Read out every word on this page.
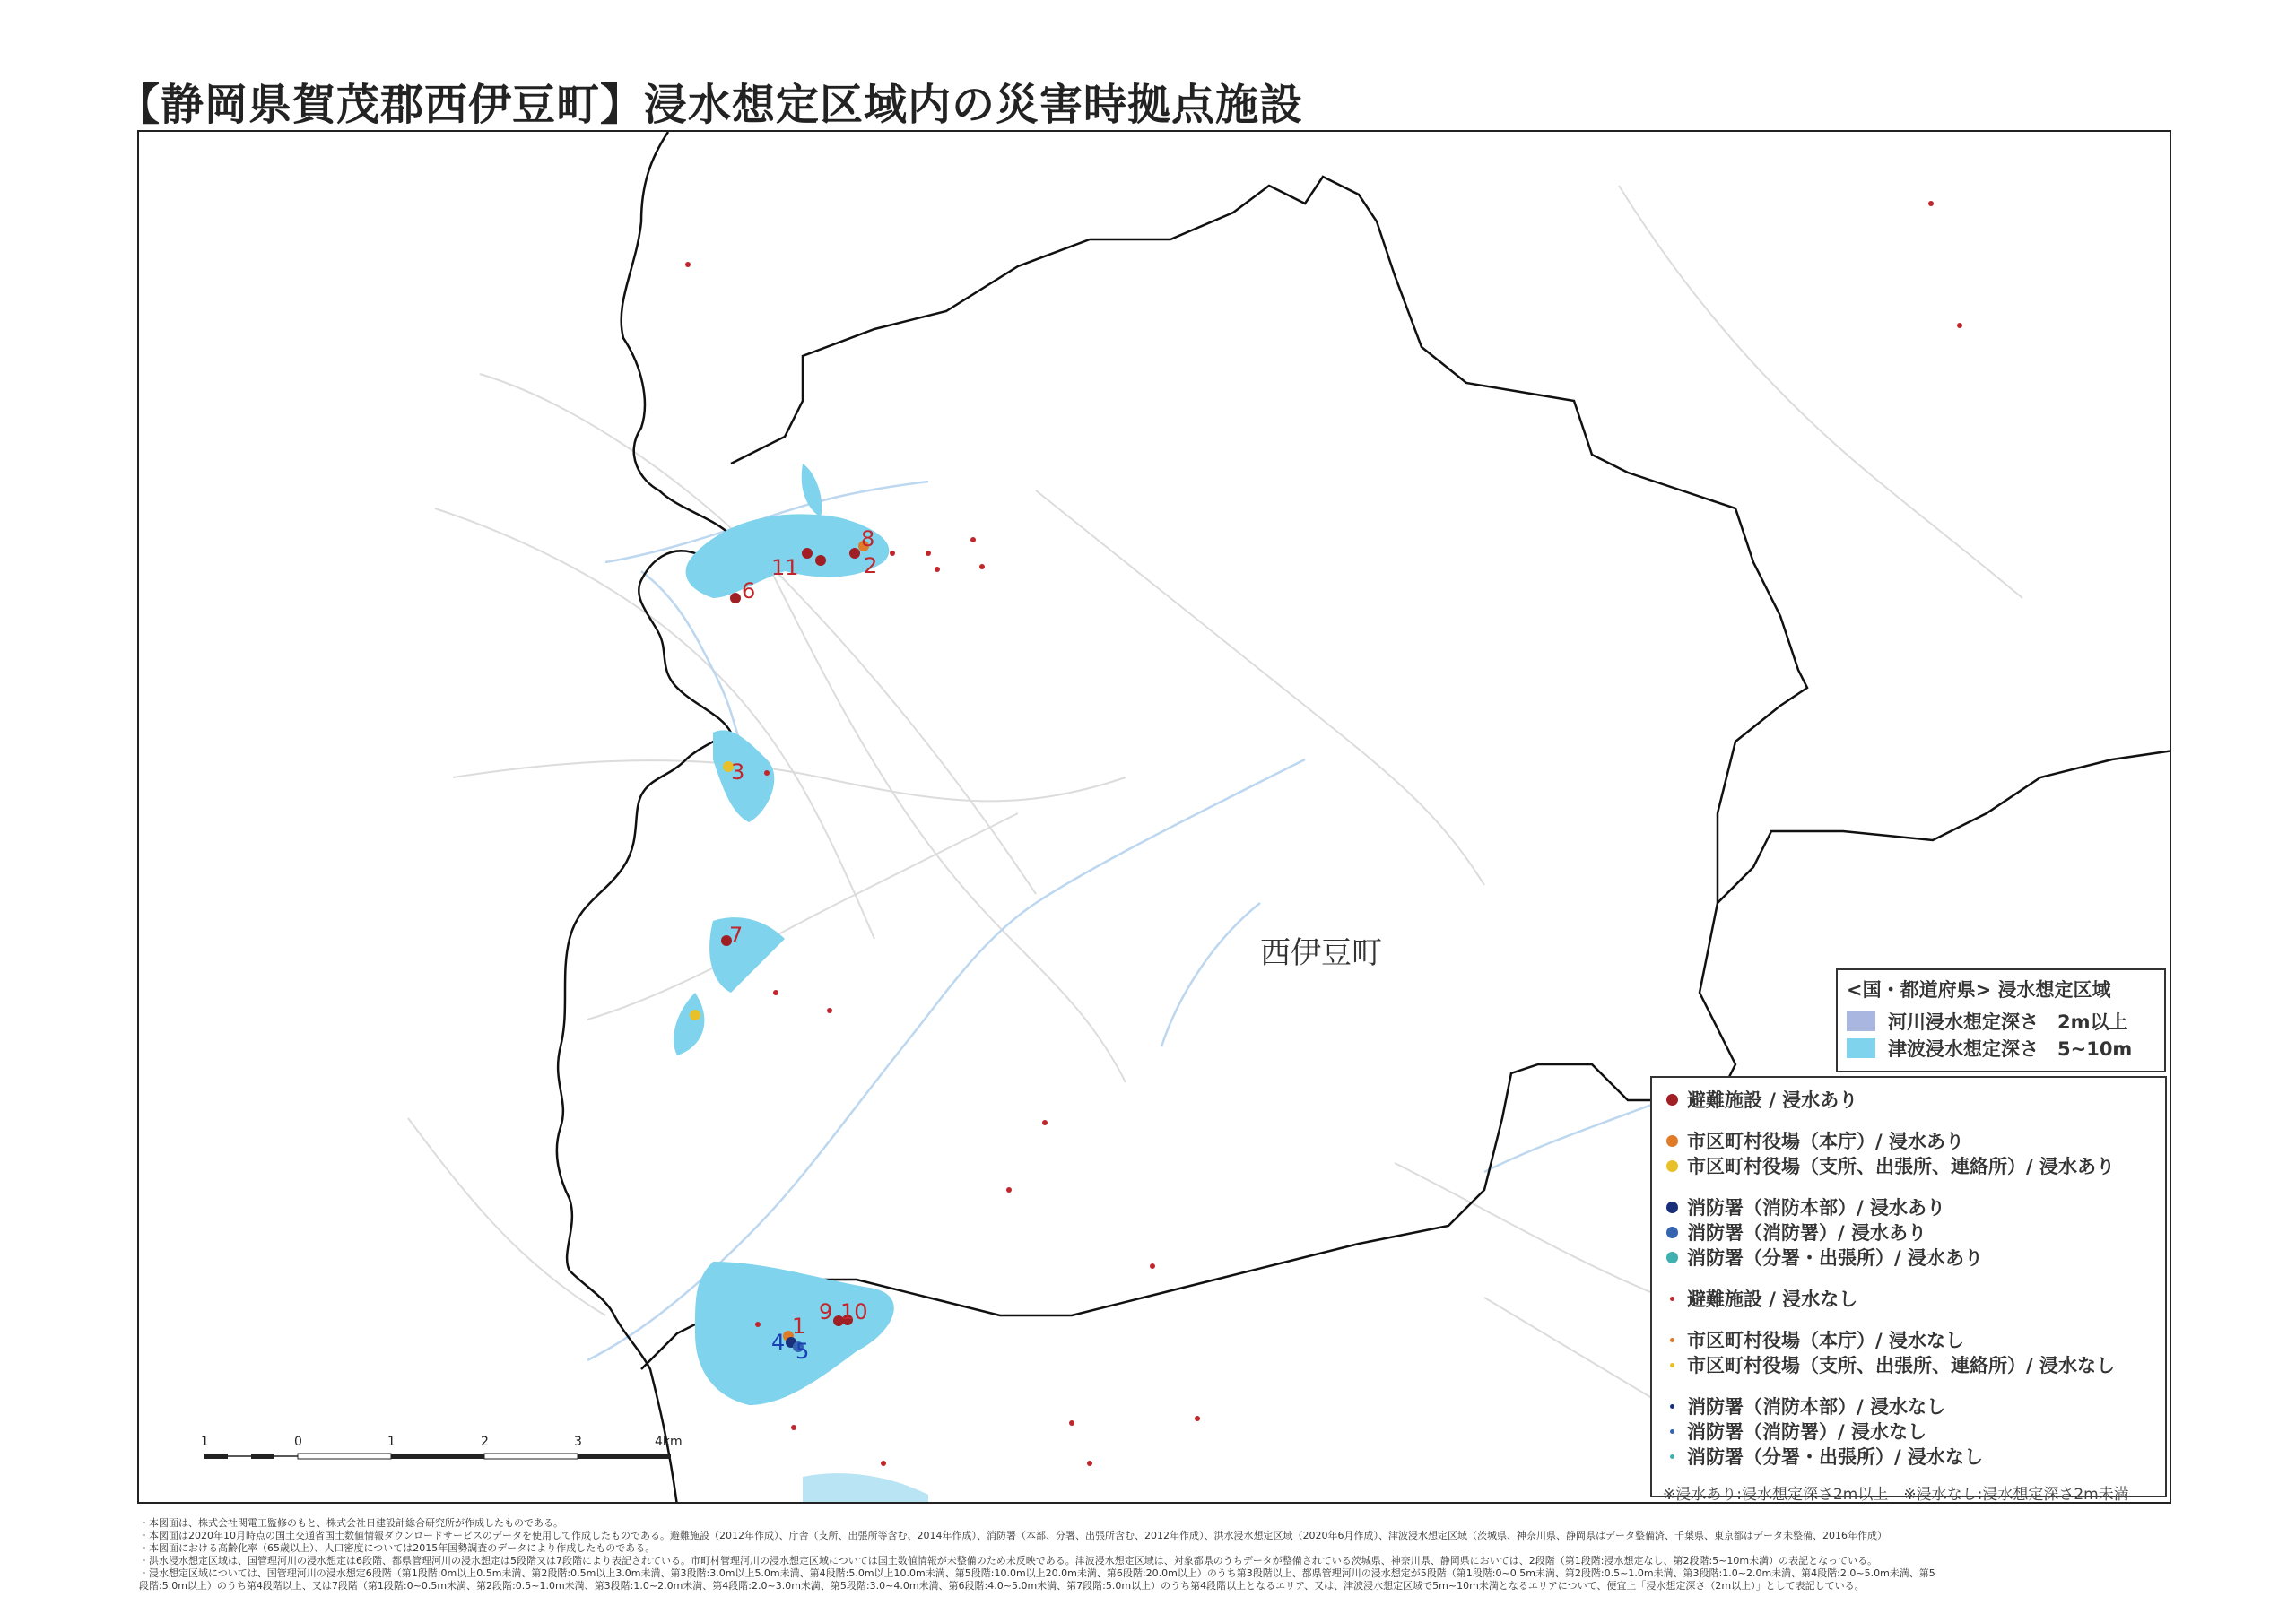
【静岡県賀茂郡西伊豆町】浸水想定区域内の災害時拠点施設
西伊豆町
8
2
11
6
3
7
9 10
1
4 5
<国・都道府県> 浸水想定区域
河川浸水想定深さ　2m以上
津波浸水想定深さ　5~10m
避難施設 / 浸水あり
市区町村役場（本庁）/ 浸水あり
市区町村役場（支所、出張所、連絡所）/ 浸水あり
消防署（消防本部）/ 浸水あり
消防署（消防署）/ 浸水あり
消防署（分署・出張所）/ 浸水あり
避難施設 / 浸水なし
市区町村役場（本庁）/ 浸水なし
市区町村役場（支所、出張所、連絡所）/ 浸水なし
消防署（消防本部）/ 浸水なし
消防署（消防署）/ 浸水なし
消防署（分署・出張所）/ 浸水なし
※浸水あり:浸水想定深さ2m以上　※浸水なし:浸水想定深さ2m未満
1	0	1	2	3	4km
・本図面は、株式会社関電工監修のもと、株式会社日建設計総合研究所が作成したものである。
・本図面は2020年10月時点の国土交通省国土数値情報ダウンロードサービスのデータを使用して作成したものである。避難施設（2012年作成）、庁舎（支所、出張所等含む、2014年作成）、消防署（本部、分署、出張所含む、2012年作成）、洪水浸水想定区域（2020年6月作成）、津波浸水想定区域（茨城県、神奈川県、静岡県はデータ整備済、千葉県、東京都はデータ未整備、2016年作成）
・本図面における高齢化率（65歳以上）、人口密度については2015年国勢調査のデータにより作成したものである。
・洪水浸水想定区域は、国管理河川の浸水想定は6段階、都県管理河川の浸水想定は5段階又は7段階により表記されている。市町村管理河川の浸水想定区域については国土数値情報が未整備のため未反映である。津波浸水想定区域は、対象都県のうちデータが整備されている茨城県、神奈川県、静岡県においては、2段階（第1段階:浸水想定なし、第2段階:5~10m未満）の表記となっている。
・浸水想定区域については、国管理河川の浸水想定6段階（第1段階:0m以上0.5m未満、第2段階:0.5m以上3.0m未満、第3段階:3.0m以上5.0m未満、第4段階:5.0m以上10.0m未満、第5段階:10.0m以上20.0m未満、第6段階:20.0m以上）のうち第3段階以上、都県管理河川の浸水想定が5段階（第1段階:0~0.5m未満、第2段階:0.5~1.0m未満、第3段階:1.0~2.0m未満、第4段階:2.0~5.0m未満、第5
段階:5.0m以上）のうち第4段階以上、又は7段階（第1段階:0~0.5m未満、第2段階:0.5~1.0m未満、第3段階:1.0~2.0m未満、第4段階:2.0~3.0m未満、第5段階:3.0~4.0m未満、第6段階:4.0~5.0m未満、第7段階:5.0m以上）のうち第4段階以上となるエリア、又は、津波浸水想定区域で5m~10m未満となるエリアについて、便宜上「浸水想定深さ（2m以上）」として表記している。
